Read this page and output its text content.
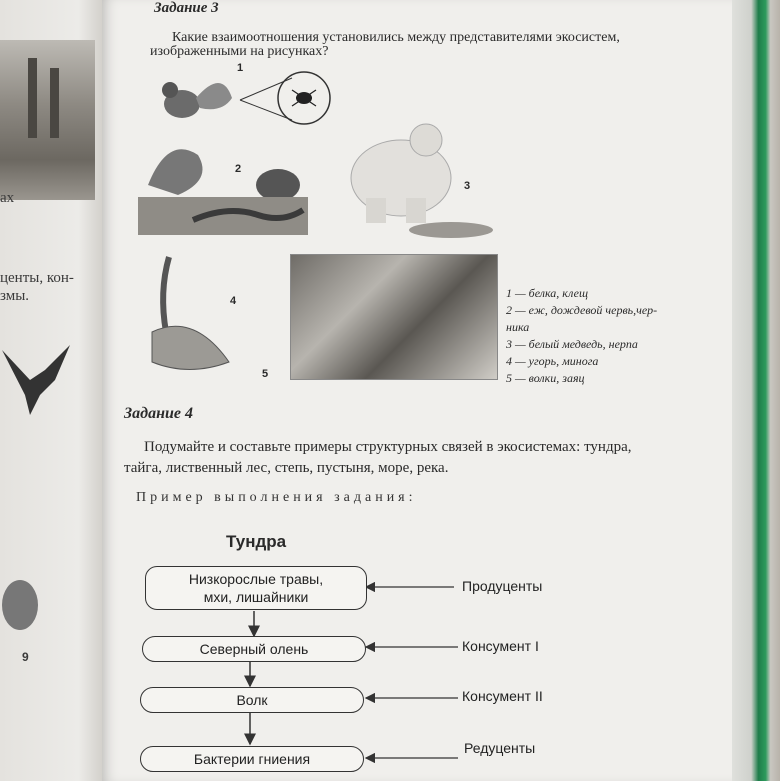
ах
центы, кон-
змы.
9
Задание 3
Какие взаимоотношения установились между представителями экосистем,
изображенными на рисунках?
1
2
3
4
5
1 — белка, клещ
2 — еж, дождевой червь,чер-
ника
3 — белый медведь, нерпа
4 — угорь, минога
5 — волки, заяц
Задание 4
Подумайте и составьте примеры структурных связей в экосистемах: тундра,
тайга, лиственный лес, степь, пустыня, море, река.
Пример выполнения задания:
Тундра
Низкорослые травы,
мхи, лишайники
Продуценты
Северный олень	Консумент I
Волк	Консумент II
Бактерии гниения
Редуценты
